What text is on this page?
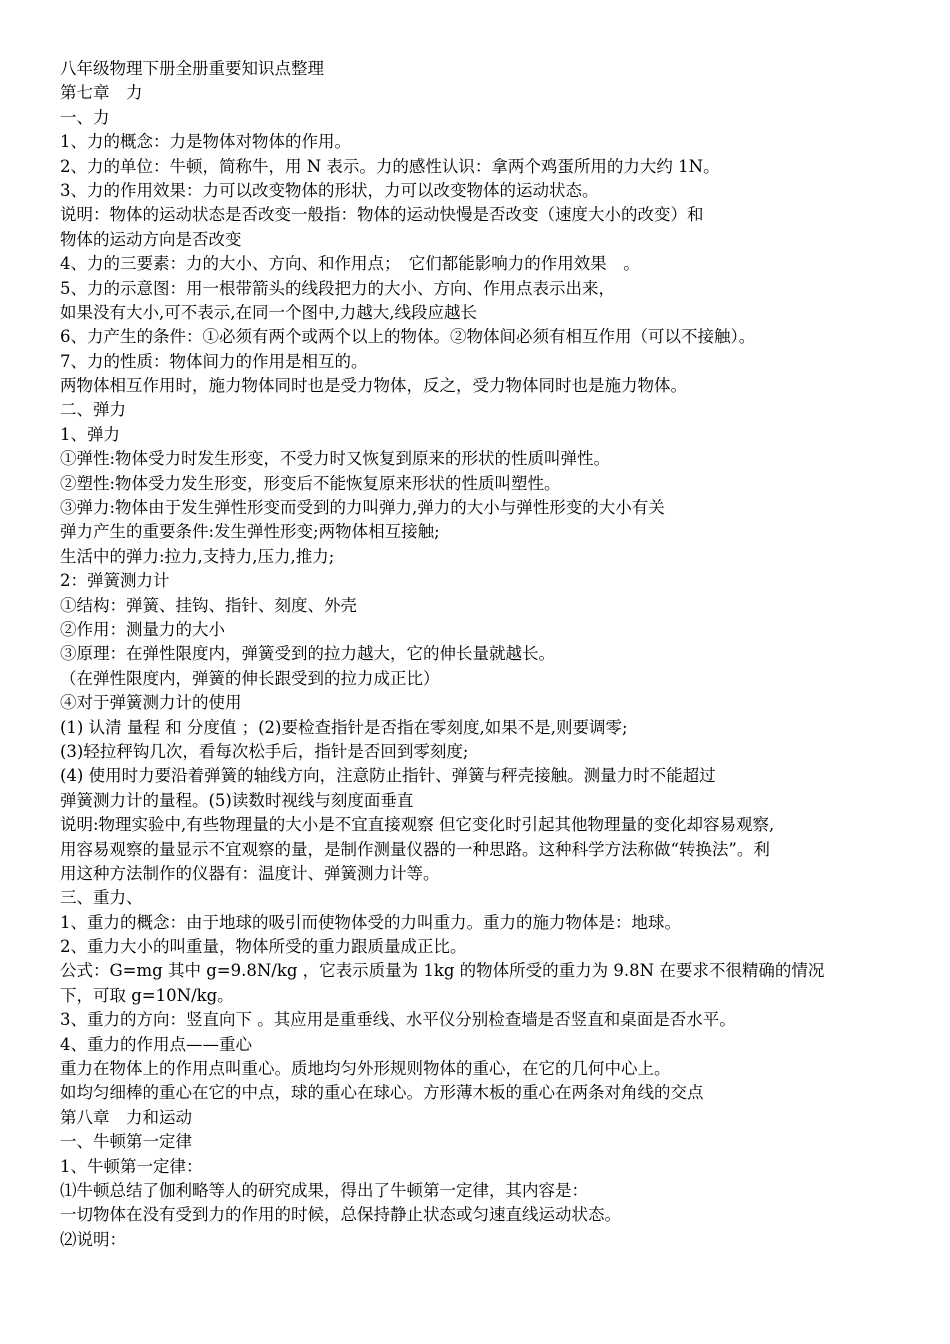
八年级物理下册全册重要知识点整理
第七章　力
一、力
1、力的概念：力是物体对物体的作用。
2、力的单位：牛顿，简称牛，用 N 表示。力的感性认识：拿两个鸡蛋所用的力大约 1N。
3、力的作用效果：力可以改变物体的形状，力可以改变物体的运动状态。
说明：物体的运动状态是否改变一般指：物体的运动快慢是否改变（速度大小的改变）和
物体的运动方向是否改变
4、力的三要素：力的大小、方向、和作用点；　它们都能影响力的作用效果　。
5、力的示意图：用一根带箭头的线段把力的大小、方向、作用点表示出来，
如果没有大小,可不表示,在同一个图中,力越大,线段应越长
6、力产生的条件：①必须有两个或两个以上的物体。②物体间必须有相互作用（可以不接触）。
7、力的性质：物体间力的作用是相互的。
两物体相互作用时，施力物体同时也是受力物体，反之，受力物体同时也是施力物体。
二、弹力
1、弹力
①弹性:物体受力时发生形变，不受力时又恢复到原来的形状的性质叫弹性。
②塑性:物体受力发生形变，形变后不能恢复原来形状的性质叫塑性。
③弹力:物体由于发生弹性形变而受到的力叫弹力,弹力的大小与弹性形变的大小有关
弹力产生的重要条件:发生弹性形变;两物体相互接触;
生活中的弹力:拉力,支持力,压力,推力;
2：弹簧测力计
①结构：弹簧、挂钩、指针、刻度、外壳
②作用：测量力的大小
③原理：在弹性限度内，弹簧受到的拉力越大，它的伸长量就越长。
（在弹性限度内，弹簧的伸长跟受到的拉力成正比）
④对于弹簧测力计的使用
(1) 认清 量程 和 分度值 ；(2)要检查指针是否指在零刻度,如果不是,则要调零;
(3)轻拉秤钩几次，看每次松手后，指针是否回到零刻度;
(4) 使用时力要沿着弹簧的轴线方向，注意防止指针、弹簧与秤壳接触。测量力时不能超过
弹簧测力计的量程。(5)读数时视线与刻度面垂直
说明:物理实验中,有些物理量的大小是不宜直接观察 但它变化时引起其他物理量的变化却容易观察,
用容易观察的量显示不宜观察的量，是制作测量仪器的一种思路。这种科学方法称做“转换法”。利
用这种方法制作的仪器有：温度计、弹簧测力计等。
三、重力、
1、重力的概念：由于地球的吸引而使物体受的力叫重力。重力的施力物体是：地球。
2、重力大小的叫重量，物体所受的重力跟质量成正比。
公式：G=mg 其中 g=9.8N/kg ，它表示质量为 1kg 的物体所受的重力为 9.8N 在要求不很精确的情况
下，可取 g=10N/kg。
3、重力的方向：竖直向下 。其应用是重垂线、水平仪分别检查墙是否竖直和桌面是否水平。
4、重力的作用点——重心
重力在物体上的作用点叫重心。质地均匀外形规则物体的重心，在它的几何中心上。
如均匀细棒的重心在它的中点，球的重心在球心。方形薄木板的重心在两条对角线的交点
第八章　力和运动
一、牛顿第一定律
1、牛顿第一定律：
⑴牛顿总结了伽利略等人的研究成果，得出了牛顿第一定律，其内容是：
一切物体在没有受到力的作用的时候，总保持静止状态或匀速直线运动状态。
⑵说明：
